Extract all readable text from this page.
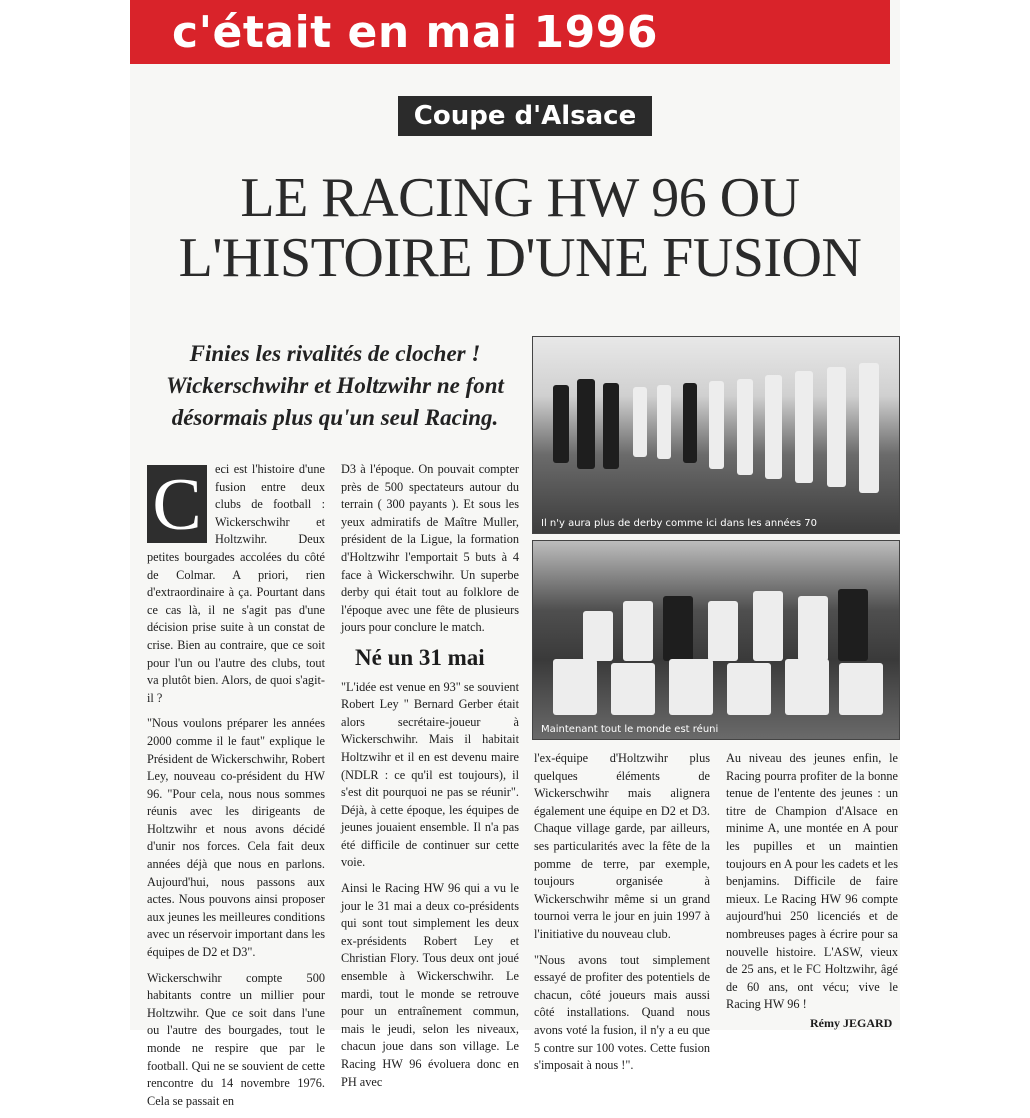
c'était en mai 1996
Coupe d'Alsace
LE RACING HW 96 OU
L'HISTOIRE D'UNE FUSION
Finies les rivalités de clocher !
Wickerschwihr et Holtzwihr ne font
désormais plus qu'un seul Racing.

C	eci est l'histoire d'une fusion entre deux clubs de football : Wickerschwihr et Holtzwihr. Deux petites bourgades accolées du côté de Colmar. A priori, rien d'extraordinaire à ça. Pourtant dans ce cas là, il ne s'agit pas d'une décision prise suite à un constat de crise. Bien au contraire, que ce soit pour l'un ou l'autre des clubs, tout va plutôt bien. Alors, de quoi s'agit-il ?

"Nous voulons préparer les années 2000 comme il le faut" explique le Président de Wickerschwihr, Robert Ley, nouveau co-président du HW 96. "Pour cela, nous nous sommes réunis avec les dirigeants de Holtzwihr et nous avons décidé d'unir nos forces. Cela fait deux années déjà que nous en parlons. Aujourd'hui, nous passons aux actes. Nous pouvons ainsi proposer aux jeunes les meilleures conditions avec un réservoir important dans les équipes de D2 et D3".

Wickerschwihr compte 500 habitants contre un millier pour Holtzwihr. Que ce soit dans l'une ou l'autre des bourgades, tout le monde ne respire que par le football. Qui ne se souvient de cette rencontre du 14 novembre 1976. Cela se passait en

D3 à l'époque. On pouvait compter près de 500 spectateurs autour du terrain ( 300 payants ). Et sous les yeux admiratifs de Maître Muller, président de la Ligue, la formation d'Holtzwihr l'emportait 5 buts à 4 face à Wickerschwihr. Un superbe derby qui était tout au folklore de l'époque avec une fête de plusieurs jours pour conclure le match.

Né un 31 mai

"L'idée est venue en 93" se souvient Robert Ley " Bernard Gerber était alors secrétaire-joueur à Wickerschwihr. Mais il habitait Holtzwihr et il en est devenu maire (NDLR : ce qu'il est toujours), il s'est dit pourquoi ne pas se réunir". Déjà, à cette époque, les équipes de jeunes jouaient ensemble. Il n'a pas été difficile de continuer sur cette voie.

Ainsi le Racing HW 96 qui a vu le jour le 31 mai a deux co-présidents qui sont tout simplement les deux ex-présidents Robert Ley et Christian Flory. Tous deux ont joué ensemble à Wickerschwihr. Le mardi, tout le monde se retrouve pour un entraînement commun, mais le jeudi, selon les niveaux, chacun joue dans son village. Le Racing HW 96 évoluera donc en PH avec

Il n'y aura plus de derby comme ici dans les années 70
Maintenant tout le monde est réuni

l'ex-équipe d'Holtzwihr plus quelques éléments de Wickerschwihr mais alignera également une équipe en D2 et D3. Chaque village garde, par ailleurs, ses particularités avec la fête de la pomme de terre, par exemple, toujours organisée à Wickerschwihr même si un grand tournoi verra le jour en juin 1997 à l'initiative du nouveau club.

"Nous avons tout simplement essayé de profiter des potentiels de chacun, côté joueurs mais aussi côté installations. Quand nous avons voté la fusion, il n'y a eu que 5 contre sur 100 votes. Cette fusion s'imposait à nous !".

Au niveau des jeunes enfin, le Racing pourra profiter de la bonne tenue de l'entente des jeunes : un titre de Champion d'Alsace en minime A, une montée en A pour les pupilles et un maintien toujours en A pour les cadets et les benjamins. Difficile de faire mieux. Le Racing HW 96 compte aujourd'hui 250 licenciés et de nombreuses pages à écrire pour sa nouvelle histoire. L'ASW, vieux de 25 ans, et le FC Holtzwihr, âgé de 60 ans, ont vécu; vive le Racing HW 96 !

Rémy JEGARD
